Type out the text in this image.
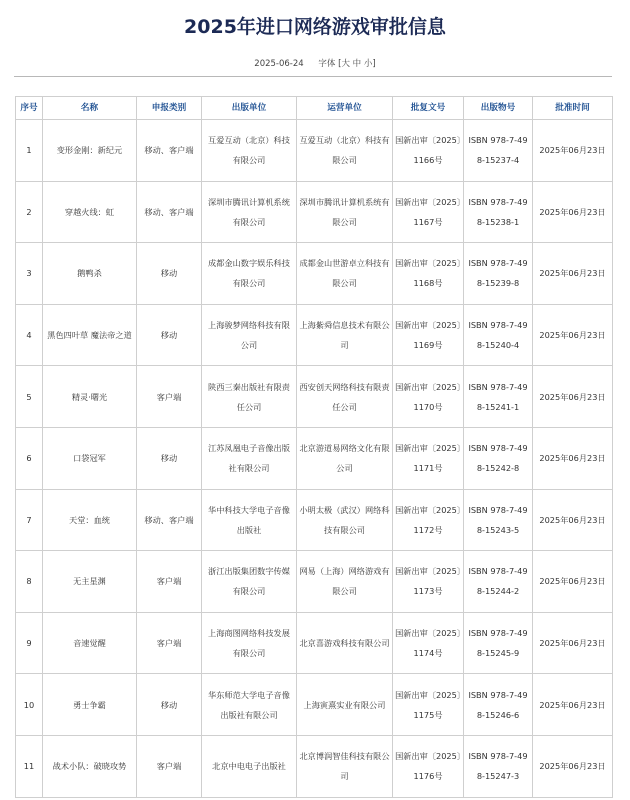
2025年进口网络游戏审批信息
2025-06-24 字体 [大 中 小]
序号	名称	申报类别	出版单位	运营单位	批复文号	出版物号	批准时间
1	变形金刚：新纪元	移动、客户端	互爱互动（北京）科技有限公司	互爱互动（北京）科技有限公司	国新出审〔2025〕1166号	ISBN 978-7-498-15237-4	2025年06月23日
2	穿越火线：虹	移动、客户端	深圳市腾讯计算机系统有限公司	深圳市腾讯计算机系统有限公司	国新出审〔2025〕1167号	ISBN 978-7-498-15238-1	2025年06月23日
3	鹅鸭杀	移动	成都金山数字娱乐科技有限公司	成都金山世游卓立科技有限公司	国新出审〔2025〕1168号	ISBN 978-7-498-15239-8	2025年06月23日
4	黑色四叶草 魔法帝之道	移动	上海骏梦网络科技有限公司	上海紫舜信息技术有限公司	国新出审〔2025〕1169号	ISBN 978-7-498-15240-4	2025年06月23日
5	精灵·曙光	客户端	陕西三秦出版社有限责任公司	西安创天网络科技有限责任公司	国新出审〔2025〕1170号	ISBN 978-7-498-15241-1	2025年06月23日
6	口袋冠军	移动	江苏凤凰电子音像出版社有限公司	北京游道易网络文化有限公司	国新出审〔2025〕1171号	ISBN 978-7-498-15242-8	2025年06月23日
7	天堂：血统	移动、客户端	华中科技大学电子音像出版社	小明太极（武汉）网络科技有限公司	国新出审〔2025〕1172号	ISBN 978-7-498-15243-5	2025年06月23日
8	无主星渊	客户端	浙江出版集团数字传媒有限公司	网易（上海）网络游戏有限公司	国新出审〔2025〕1173号	ISBN 978-7-498-15244-2	2025年06月23日
9	音速觉醒	客户端	上海商图网络科技发展有限公司	北京喜游戏科技有限公司	国新出审〔2025〕1174号	ISBN 978-7-498-15245-9	2025年06月23日
10	勇士争霸	移动	华东师范大学电子音像出版社有限公司	上海寅熹实业有限公司	国新出审〔2025〕1175号	ISBN 978-7-498-15246-6	2025年06月23日
11	战术小队：破晓攻势	客户端	北京中电电子出版社	北京博润智佳科技有限公司	国新出审〔2025〕1176号	ISBN 978-7-498-15247-3	2025年06月23日
